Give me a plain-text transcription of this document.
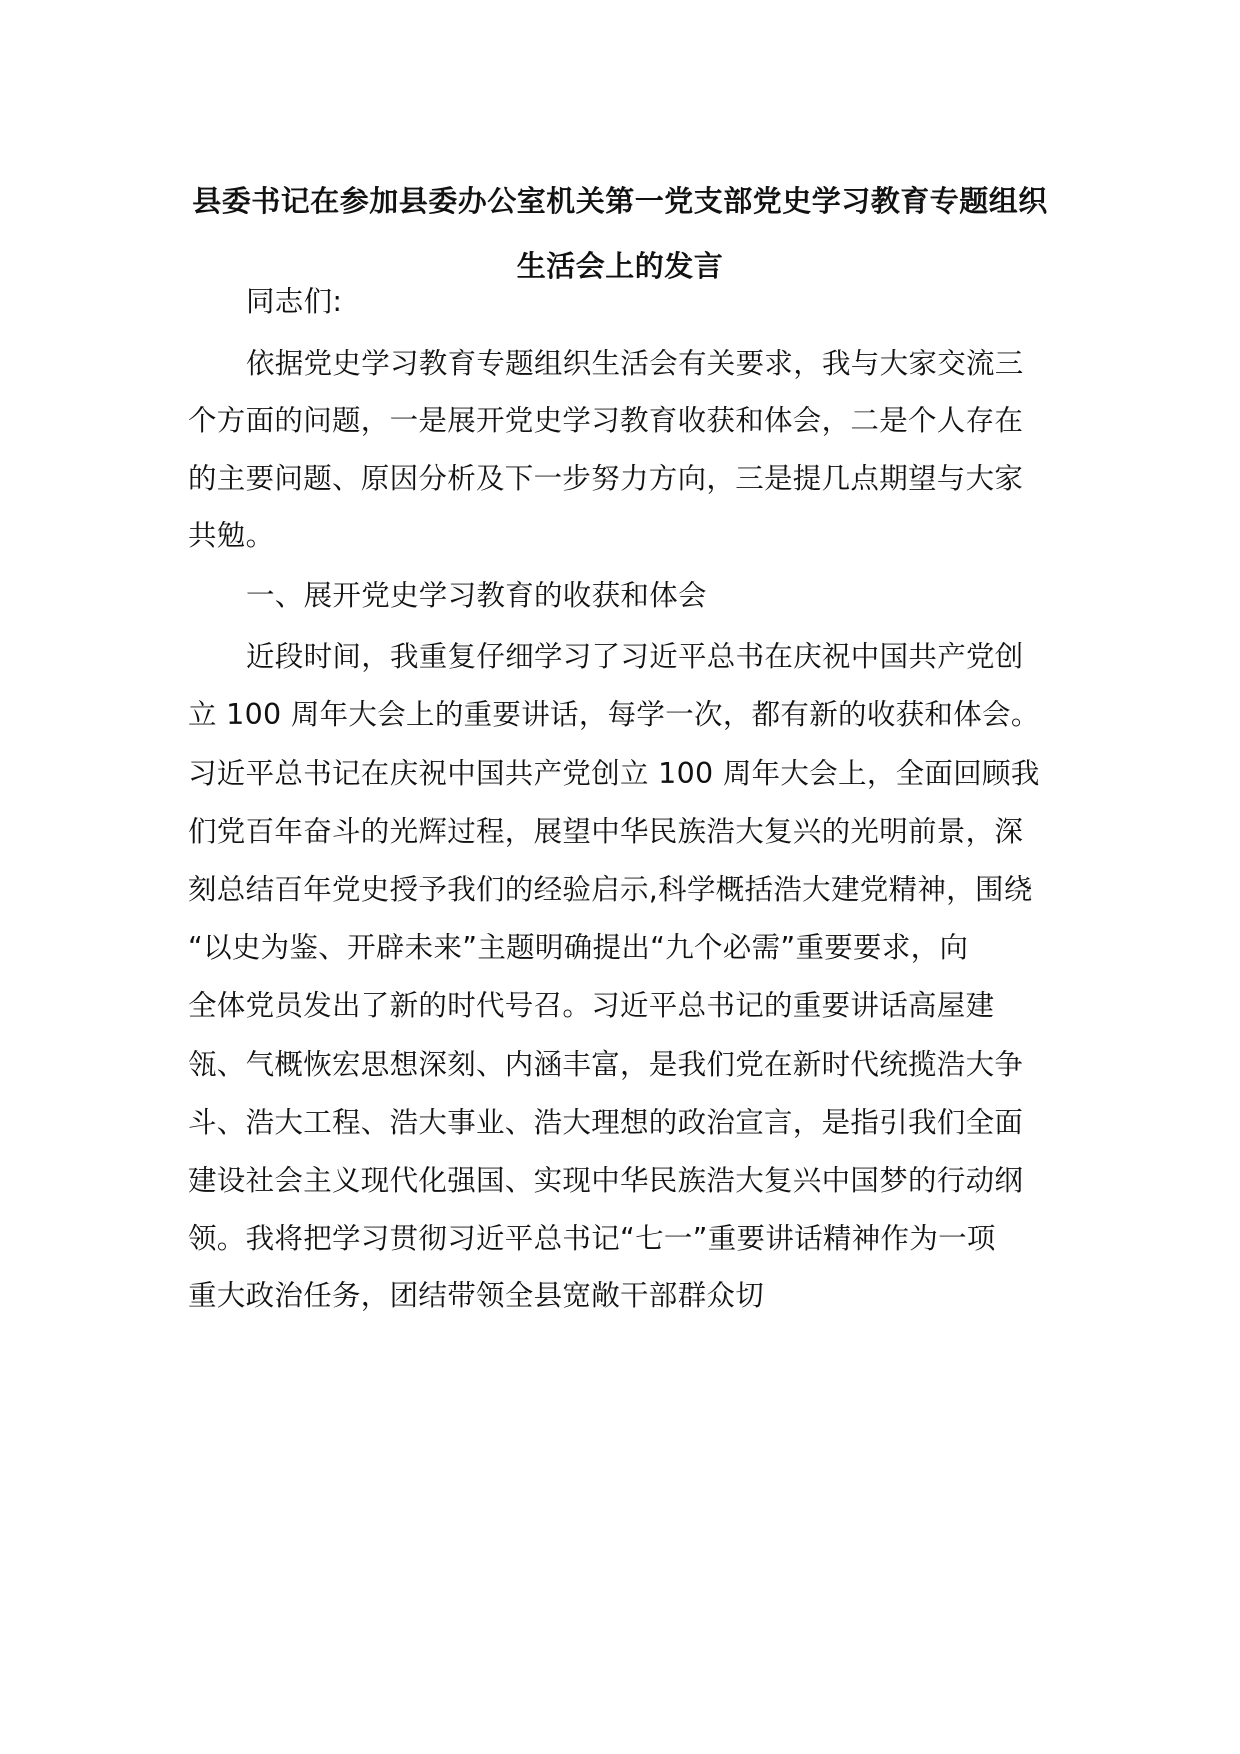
县委书记在参加县委办公室机关第一党支部党史学习教育专题组织
生活会上的发言
同志们:
依据党史学习教育专题组织生活会有关要求，我与大家交流三
个方面的问题，一是展开党史学习教育收获和体会，二是个人存在
的主要问题、原因分析及下一步努力方向，三是提几点期望与大家
共勉。
一、展开党史学习教育的收获和体会
近段时间，我重复仔细学习了习近平总书在庆祝中国共产党创
立 100 周年大会上的重要讲话，每学一次，都有新的收获和体会。
习近平总书记在庆祝中国共产党创立 100 周年大会上，全面回顾我
们党百年奋斗的光辉过程，展望中华民族浩大复兴的光明前景，深
刻总结百年党史授予我们的经验启示,科学概括浩大建党精神，围绕
“以史为鉴、开辟未来”主题明确提出“九个必需”重要要求，向
全体党员发出了新的时代号召。习近平总书记的重要讲话高屋建
瓴、气概恢宏思想深刻、内涵丰富，是我们党在新时代统揽浩大争
斗、浩大工程、浩大事业、浩大理想的政治宣言，是指引我们全面
建设社会主义现代化强国、实现中华民族浩大复兴中国梦的行动纲
领。我将把学习贯彻习近平总书记“七一”重要讲话精神作为一项
重大政治任务，团结带领全县宽敞干部群众切
